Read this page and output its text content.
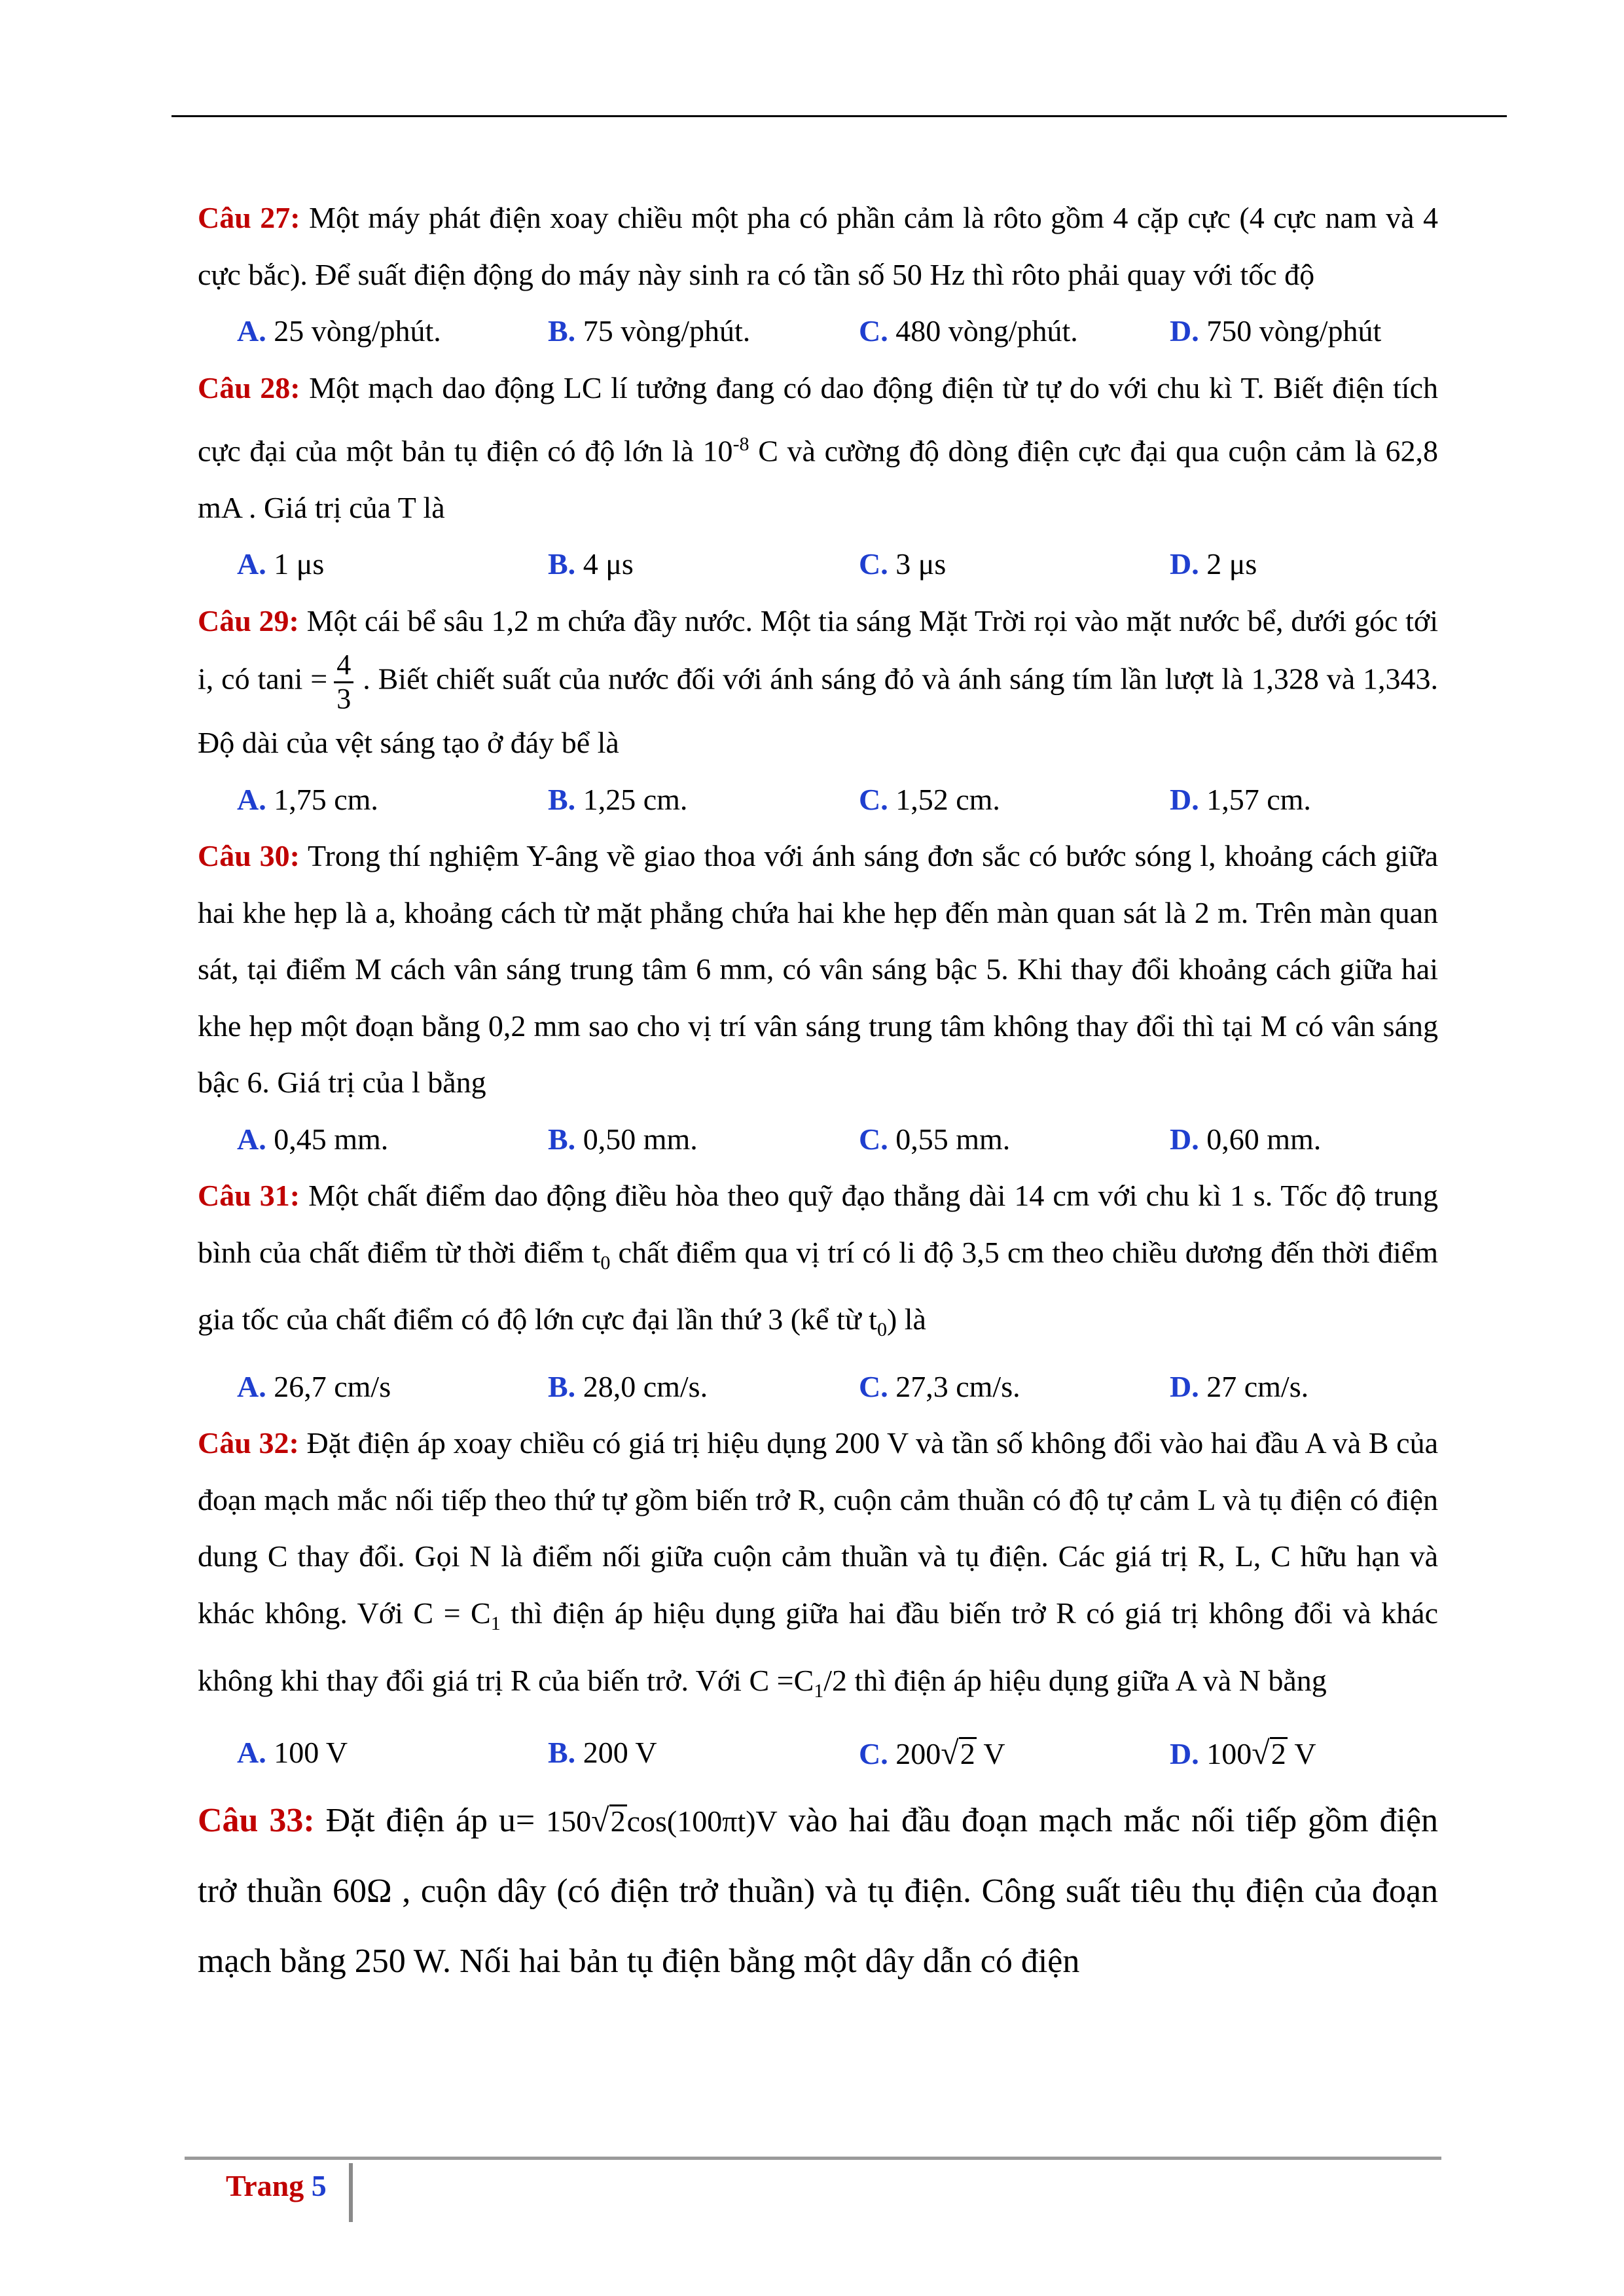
Câu 27: Một máy phát điện xoay chiều một pha có phần cảm là rôto gồm 4 cặp cực (4 cực nam và 4 cực bắc). Để suất điện động do máy này sinh ra có tần số 50 Hz thì rôto phải quay với tốc độ

A. 25 vòng/phút.	B. 75 vòng/phút.	C. 480 vòng/phút.	D. 750 vòng/phút

Câu 28: Một mạch dao động LC lí tưởng đang có dao động điện từ tự do với chu kì T. Biết điện tích cực đại của một bản tụ điện có độ lớn là $10^{-8}$ C và cường độ dòng điện cực đại qua cuộn cảm là 62,8 mA . Giá trị của T là

A. 1 μs	B. 4 μs	C. 3 μs	D. 2 μs

Câu 29: Một cái bể sâu 1,2 m chứa đầy nước. Một tia sáng Mặt Trời rọi vào mặt nước bể, dưới góc tới i, có $\tan i = \frac{4}{3}$ . Biết chiết suất của nước đối với ánh sáng đỏ và ánh sáng tím lần lượt là 1,328 và 1,343. Độ dài của vệt sáng tạo ở đáy bể là

A. 1,75 cm.	B. 1,25 cm.	C. 1,52 cm.	D. 1,57 cm.

Câu 30: Trong thí nghiệm Y-âng về giao thoa với ánh sáng đơn sắc có bước sóng l, khoảng cách giữa hai khe hẹp là a, khoảng cách từ mặt phẳng chứa hai khe hẹp đến màn quan sát là 2 m. Trên màn quan sát, tại điểm M cách vân sáng trung tâm 6 mm, có vân sáng bậc 5. Khi thay đổi khoảng cách giữa hai khe hẹp một đoạn bằng 0,2 mm sao cho vị trí vân sáng trung tâm không thay đổi thì tại M có vân sáng bậc 6. Giá trị của l bằng

A. 0,45 mm.	B. 0,50 mm.	C. 0,55 mm.	D. 0,60 mm.

Câu 31: Một chất điểm dao động điều hòa theo quỹ đạo thẳng dài 14 cm với chu kì 1 s. Tốc độ trung bình của chất điểm từ thời điểm $t_0$ chất điểm qua vị trí có li độ 3,5 cm theo chiều dương đến thời điểm gia tốc của chất điểm có độ lớn cực đại lần thứ 3 (kể từ $t_0$) là

A. 26,7 cm/s	B. 28,0 cm/s.	C. 27,3 cm/s.	D. 27 cm/s.

Câu 32: Đặt điện áp xoay chiều có giá trị hiệu dụng 200 V và tần số không đổi vào hai đầu A và B của đoạn mạch mắc nối tiếp theo thứ tự gồm biến trở R, cuộn cảm thuần có độ tự cảm L và tụ điện có điện dung C thay đổi. Gọi N là điểm nối giữa cuộn cảm thuần và tụ điện. Các giá trị R, L, C hữu hạn và khác không. Với $C = C_1$ thì điện áp hiệu dụng giữa hai đầu biến trở R có giá trị không đổi và khác không khi thay đổi giá trị R của biến trở. Với $C =C_1/2$ thì điện áp hiệu dụng giữa A và N bằng

A. 100 V	B. 200 V	C. 200√2 V	D. 100√2 V

Câu 33: Đặt điện áp u= 150√2cos(100πt)V vào hai đầu đoạn mạch mắc nối tiếp gồm điện trở thuần 60Ω , cuộn dây (có điện trở thuần) và tụ điện. Công suất tiêu thụ điện của đoạn mạch bằng 250 W. Nối hai bản tụ điện bằng một dây dẫn có điện

Trang 5
